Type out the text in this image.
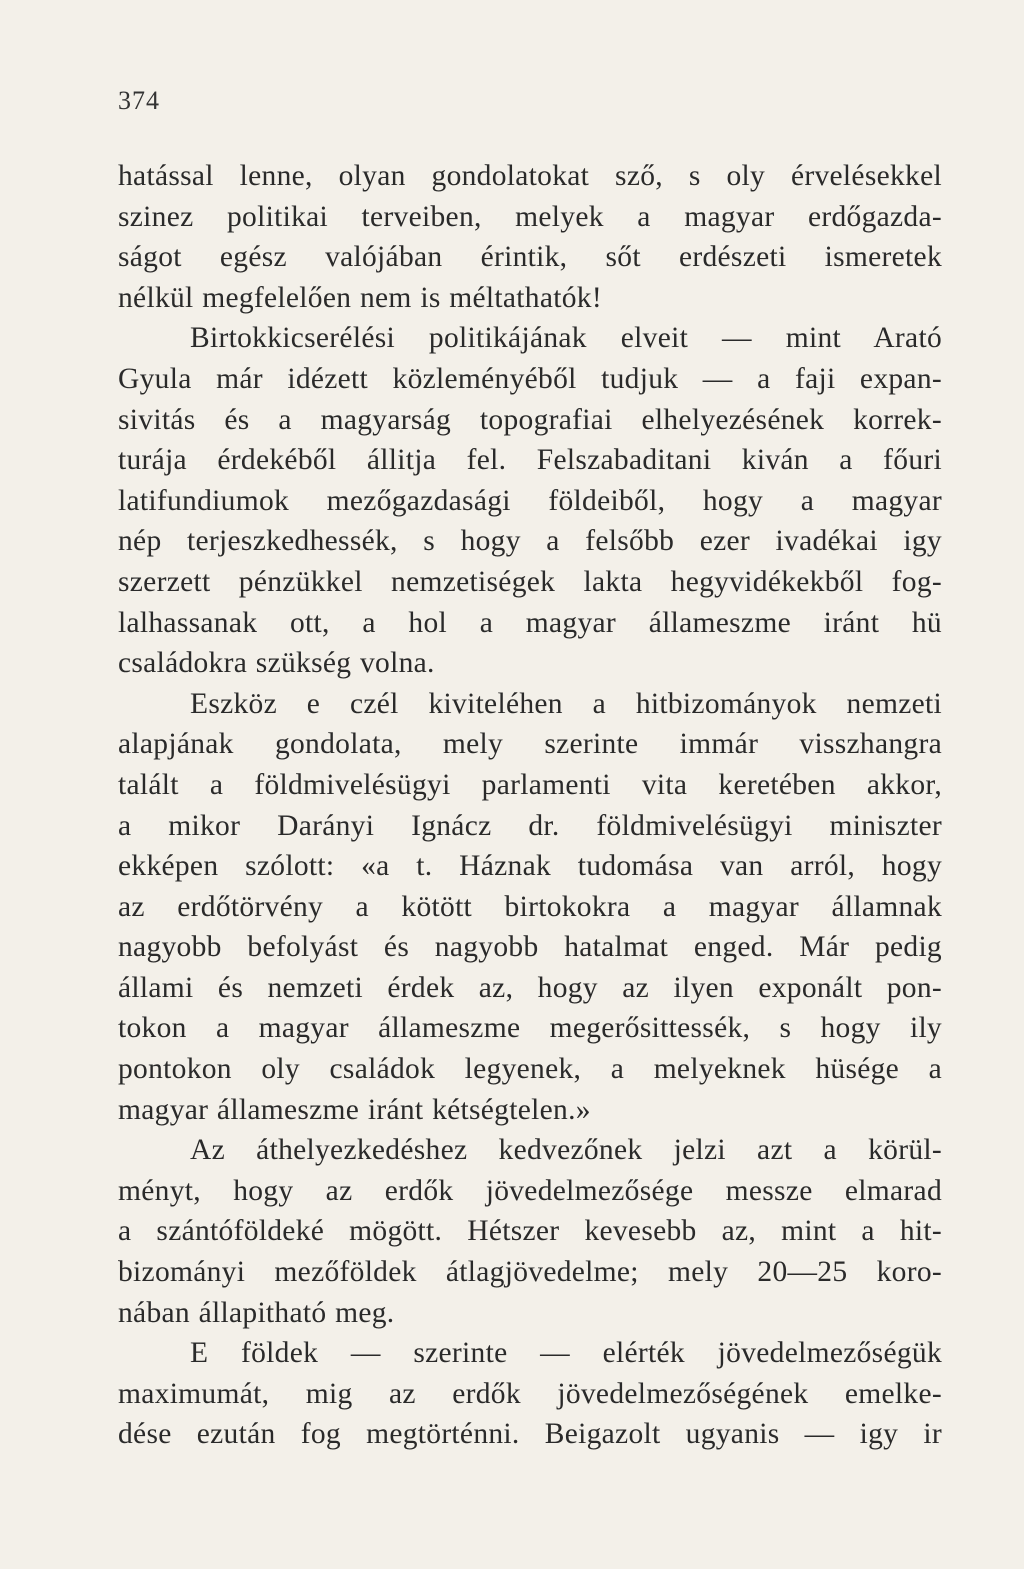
374
hatással lenne, olyan gondolatokat sző, s oly érvelésekkel
szinez politikai terveiben, melyek a magyar erdőgazda-
ságot egész valójában érintik, sőt erdészeti ismeretek
nélkül megfelelően nem is méltathatók!
Birtokkicserélési politikájának elveit — mint Arató
Gyula már idézett közleményéből tudjuk — a faji expan-
sivitás és a magyarság topografiai elhelyezésének korrek-
turája érdekéből állitja fel. Felszabaditani kiván a főuri
latifundiumok mezőgazdasági földeiből, hogy a magyar
nép terjeszkedhessék, s hogy a felsőbb ezer ivadékai igy
szerzett pénzükkel nemzetiségek lakta hegyvidékekből fog-
lalhassanak ott, a hol a magyar állameszme iránt hü
családokra szükség volna.
Eszköz e czél kiviteléhen a hitbizományok nemzeti
alapjának gondolata, mely szerinte immár visszhangra
talált a földmivelésügyi parlamenti vita keretében akkor,
a mikor Darányi Ignácz dr. földmivelésügyi miniszter
ekképen szólott: «a t. Háznak tudomása van arról, hogy
az erdőtörvény a kötött birtokokra a magyar államnak
nagyobb befolyást és nagyobb hatalmat enged. Már pedig
állami és nemzeti érdek az, hogy az ilyen exponált pon-
tokon a magyar állameszme megerősittessék, s hogy ily
pontokon oly családok legyenek, a melyeknek hüsége a
magyar állameszme iránt kétségtelen.»
Az áthelyezkedéshez kedvezőnek jelzi azt a körül-
ményt, hogy az erdők jövedelmezősége messze elmarad
a szántóföldeké mögött. Hétszer kevesebb az, mint a hit-
bizományi mezőföldek átlagjövedelme; mely 20—25 koro-
nában állapitható meg.
E földek — szerinte — elérték jövedelmezőségük
maximumát, mig az erdők jövedelmezőségének emelke-
dése ezután fog megtörténni. Beigazolt ugyanis — igy ir
